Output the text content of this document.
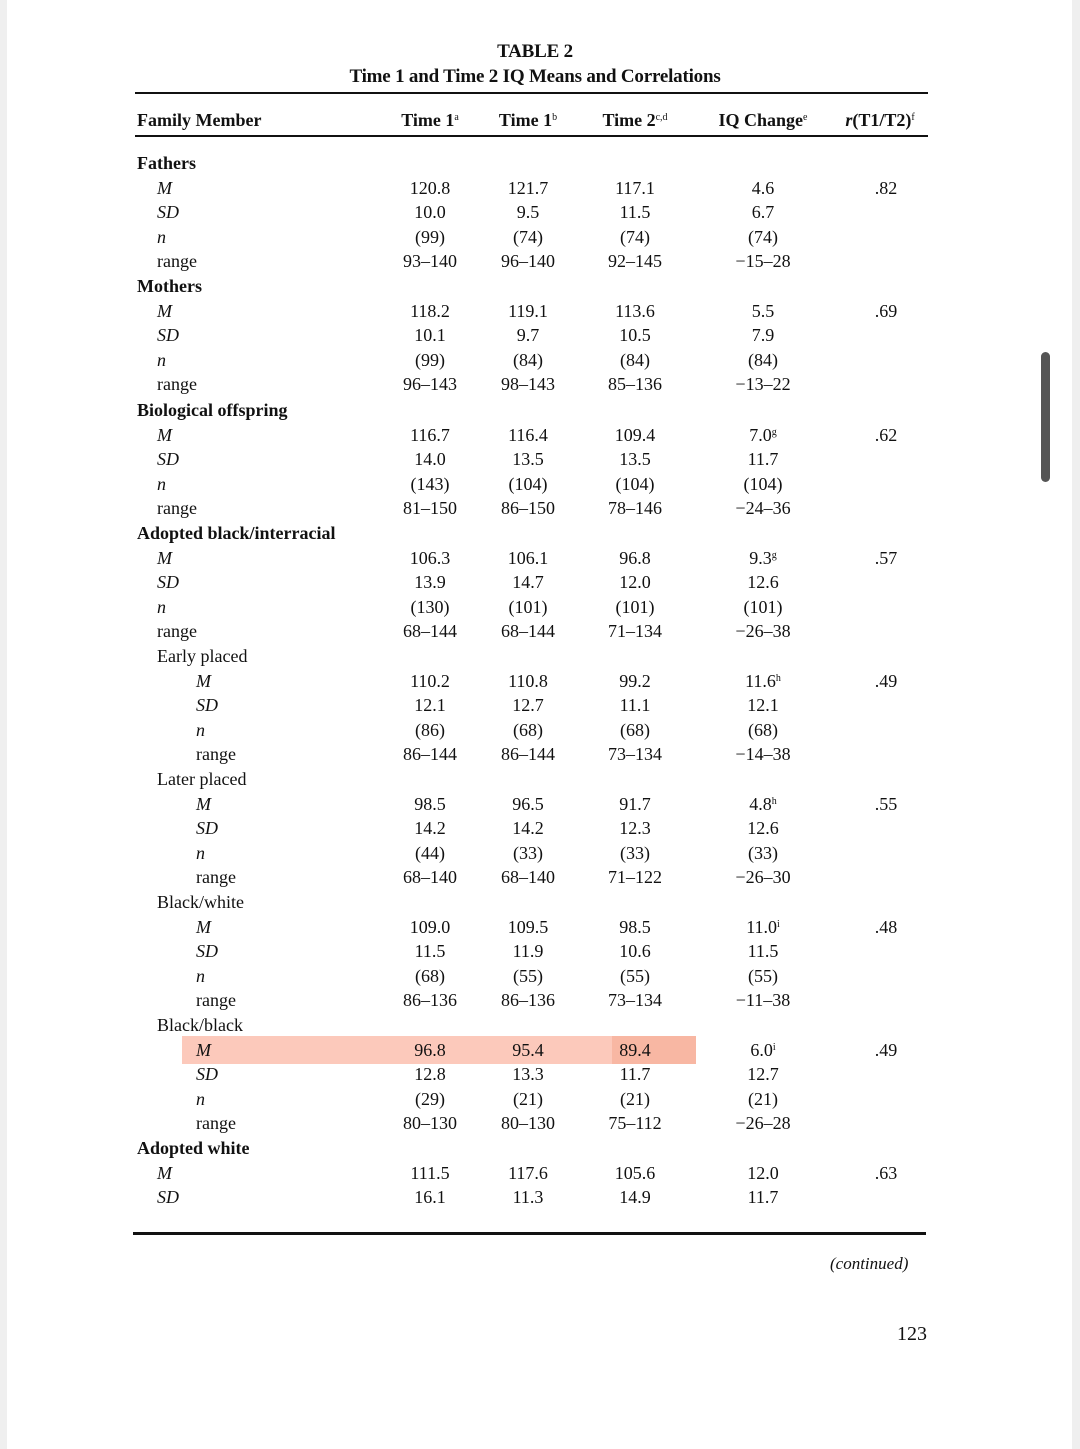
TABLE 2
Time 1 and Time 2 IQ Means and Correlations
Family Member	Time 1$^a$	Time 1$^b$	Time 2$^{c,d}$	IQ Change$^e$	$r(T1/T2)^f$
Fathers
M	120.8	121.7	117.1	4.6	.82
SD	10.0	9.5	11.5	6.7
n	(99)	(74)	(74)	(74)
range	93–140	96–140	92–145	−15–28
Mothers
M	118.2	119.1	113.6	5.5	.69
SD	10.1	9.7	10.5	7.9
n	(99)	(84)	(84)	(84)
range	96–143	98–143	85–136	−13–22
Biological offspring
M	116.7	116.4	109.4	7.0$^g$	.62
SD	14.0	13.5	13.5	11.7
n	(143)	(104)	(104)	(104)
range	81–150	86–150	78–146	−24–36
Adopted black/interracial
M	106.3	106.1	96.8	9.3$^g$	.57
SD	13.9	14.7	12.0	12.6
n	(130)	(101)	(101)	(101)
range	68–144	68–144	71–134	−26–38
Early placed
M	110.2	110.8	99.2	11.6$^h$	.49
SD	12.1	12.7	11.1	12.1
n	(86)	(68)	(68)	(68)
range	86–144	86–144	73–134	−14–38
Later placed
M	98.5	96.5	91.7	4.8$^h$	.55
SD	14.2	14.2	12.3	12.6
n	(44)	(33)	(33)	(33)
range	68–140	68–140	71–122	−26–30
Black/white
M	109.0	109.5	98.5	11.0$^i$	.48
SD	11.5	11.9	10.6	11.5
n	(68)	(55)	(55)	(55)
range	86–136	86–136	73–134	−11–38
Black/black
M	96.8	95.4	89.4	6.0$^i$	.49
SD	12.8	13.3	11.7	12.7
n	(29)	(21)	(21)	(21)
range	80–130	80–130	75–112	−26–28
Adopted white
M	111.5	117.6	105.6	12.0	.63
SD	16.1	11.3	14.9	11.7
(continued)
123
